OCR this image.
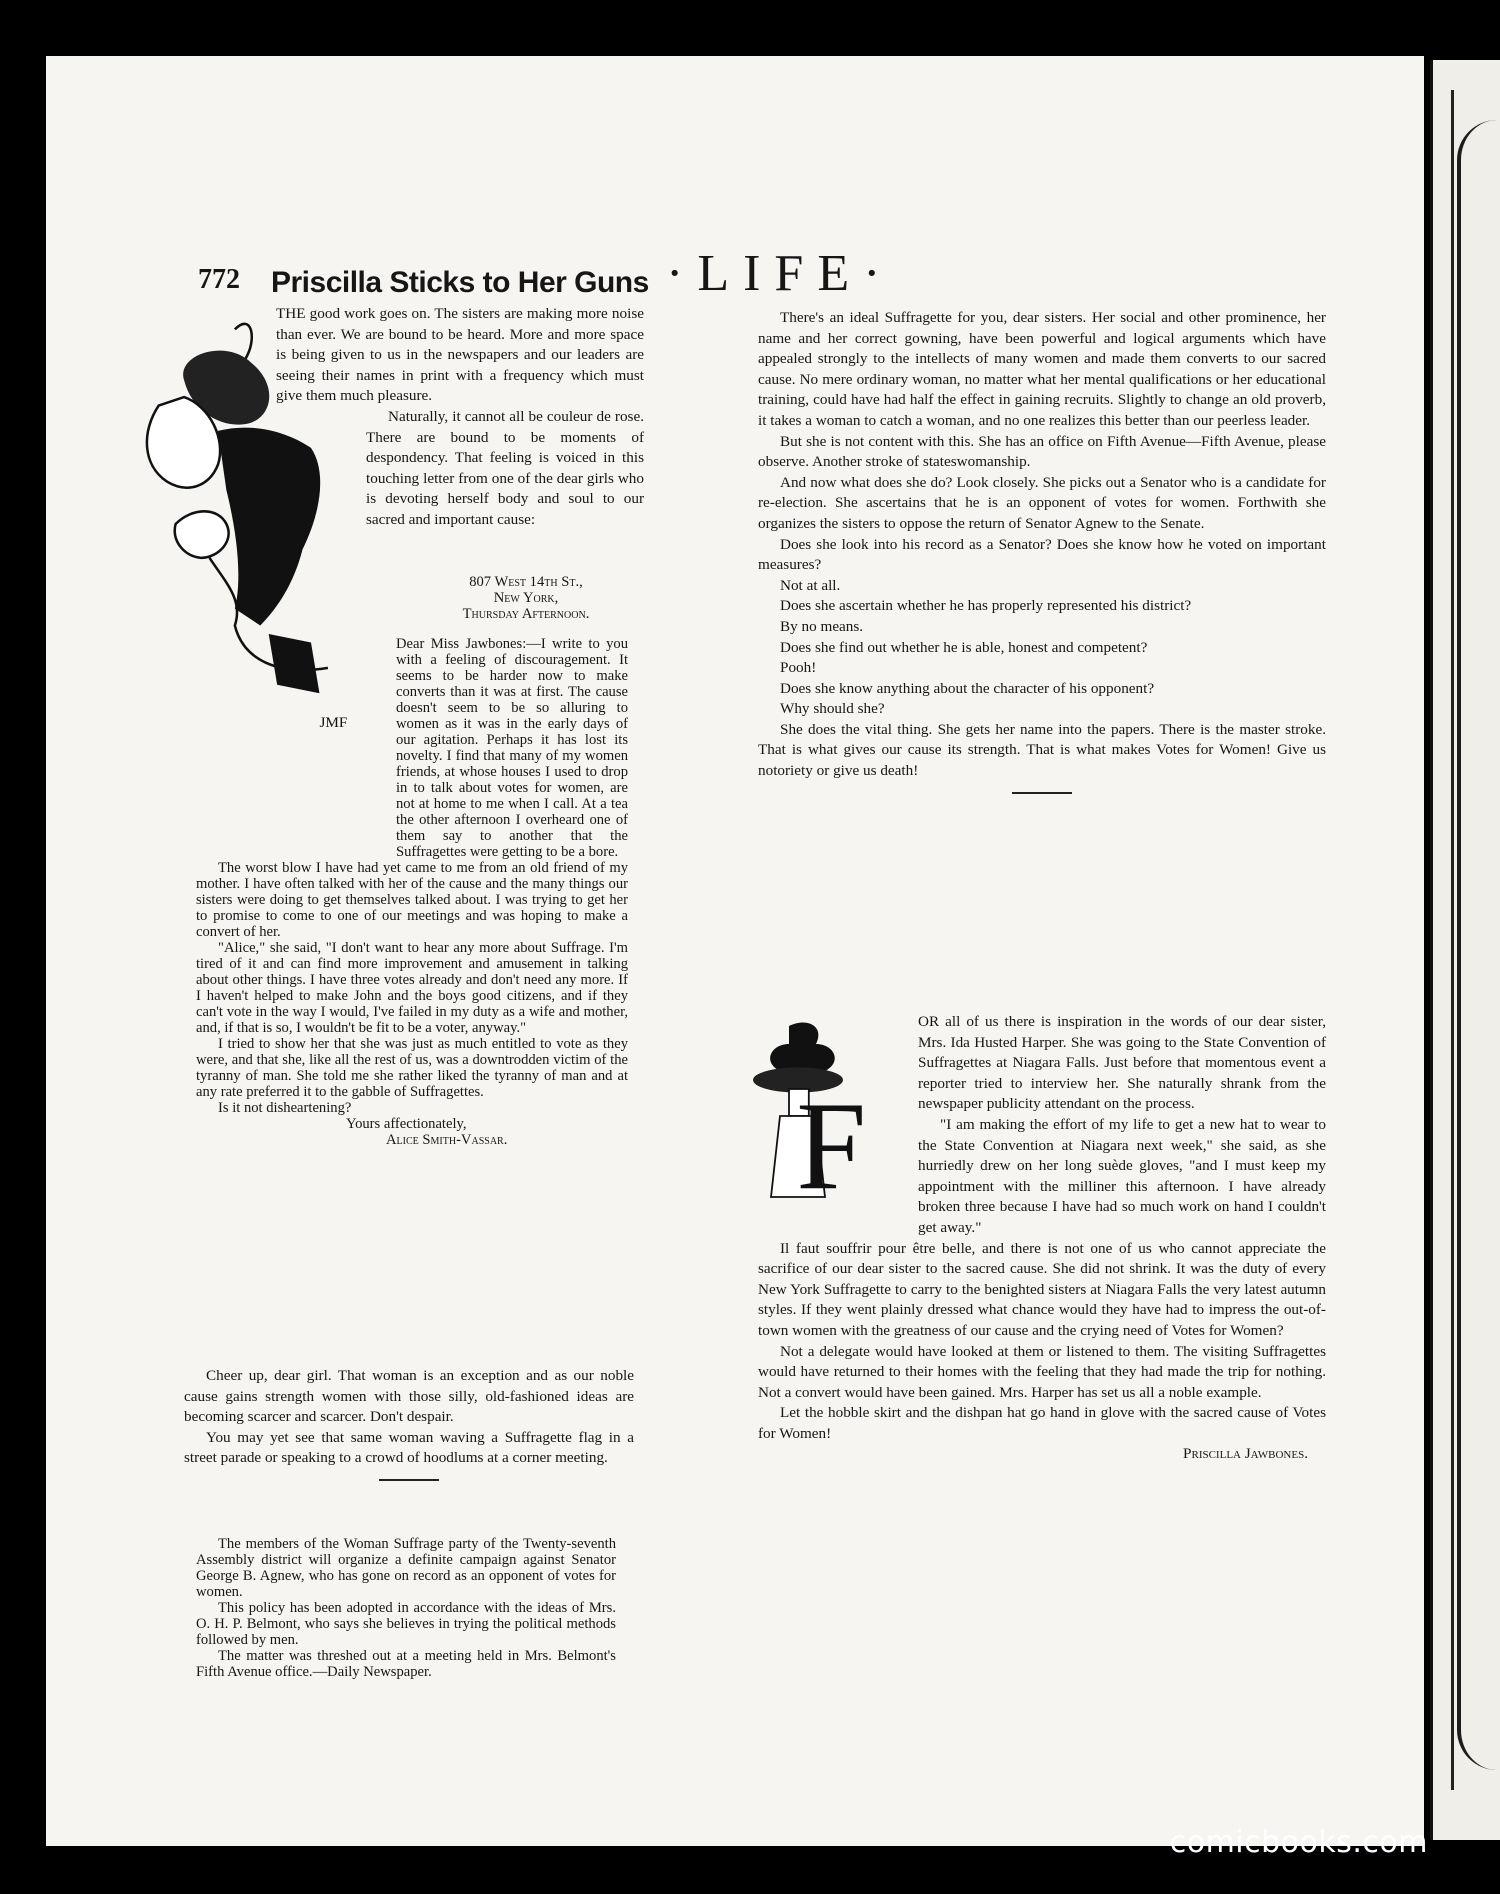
772	·LIFE·
Priscilla Sticks to Her Guns
JMF

THE good work goes on. The sisters are making more noise than ever. We are bound to be heard. More and more space is being given to us in the newspapers and our leaders are seeing their names in print with a frequency which must give them much pleasure.

Naturally, it cannot all be couleur de rose. There are bound to be moments of despondency. That feeling is voiced in this touching letter from one of the dear girls who is devoting herself body and soul to our sacred and important cause:

807 West 14th St.,
New York,
Thursday Afternoon.

Dear Miss Jawbones:—I write to you with a feeling of discouragement. It seems to be harder now to make converts than it was at first. The cause doesn't seem to be so alluring to women as it was in the early days of our agitation. Perhaps it has lost its novelty. I find that many of my women friends, at whose houses I used to drop in to talk about votes for women, are not at home to me when I call. At a tea the other afternoon I overheard one of them say to another that the Suffragettes were getting to be a bore.

The worst blow I have had yet came to me from an old friend of my mother. I have often talked with her of the cause and the many things our sisters were doing to get themselves talked about. I was trying to get her to promise to come to one of our meetings and was hoping to make a convert of her.

"Alice," she said, "I don't want to hear any more about Suffrage. I'm tired of it and can find more improvement and amusement in talking about other things. I have three votes already and don't need any more. If I haven't helped to make John and the boys good citizens, and if they can't vote in the way I would, I've failed in my duty as a wife and mother, and, if that is so, I wouldn't be fit to be a voter, anyway."

I tried to show her that she was just as much entitled to vote as they were, and that she, like all the rest of us, was a downtrodden victim of the tyranny of man. She told me she rather liked the tyranny of man and at any rate preferred it to the gabble of Suffragettes.

Is it not disheartening?

Yours affectionately,
Alice Smith-Vassar.

Cheer up, dear girl. That woman is an exception and as our noble cause gains strength women with those silly, old-fashioned ideas are becoming scarcer and scarcer. Don't despair.

You may yet see that same woman waving a Suffragette flag in a street parade or speaking to a crowd of hoodlums at a corner meeting.

The members of the Woman Suffrage party of the Twenty-seventh Assembly district will organize a definite campaign against Senator George B. Agnew, who has gone on record as an opponent of votes for women.

This policy has been adopted in accordance with the ideas of Mrs. O. H. P. Belmont, who says she believes in trying the political methods followed by men.

The matter was threshed out at a meeting held in Mrs. Belmont's Fifth Avenue office.—Daily Newspaper.

There's an ideal Suffragette for you, dear sisters. Her social and other prominence, her name and her correct gowning, have been powerful and logical arguments which have appealed strongly to the intellects of many women and made them converts to our sacred cause. No mere ordinary woman, no matter what her mental qualifications or her educational training, could have had half the effect in gaining recruits. Slightly to change an old proverb, it takes a woman to catch a woman, and no one realizes this better than our peerless leader.

But she is not content with this. She has an office on Fifth Avenue—Fifth Avenue, please observe. Another stroke of stateswomanship.

And now what does she do? Look closely. She picks out a Senator who is a candidate for re-election. She ascertains that he is an opponent of votes for women. Forthwith she organizes the sisters to oppose the return of Senator Agnew to the Senate.

Does she look into his record as a Senator? Does she know how he voted on important measures?

Not at all.

Does she ascertain whether he has properly represented his district?

By no means.

Does she find out whether he is able, honest and competent?

Pooh!

Does she know anything about the character of his opponent?

Why should she?

She does the vital thing. She gets her name into the papers. There is the master stroke. That is what gives our cause its strength. That is what makes Votes for Women! Give us notoriety or give us death!

F

OR all of us there is inspiration in the words of our dear sister, Mrs. Ida Husted Harper. She was going to the State Convention of Suffragettes at Niagara Falls. Just before that momentous event a reporter tried to interview her. She naturally shrank from the newspaper publicity attendant on the process.

"I am making the effort of my life to get a new hat to wear to the State Convention at Niagara next week," she said, as she hurriedly drew on her long suède gloves, "and I must keep my appointment with the milliner this afternoon. I have already broken three because I have had so much work on hand I couldn't get away."

Il faut souffrir pour être belle, and there is not one of us who cannot appreciate the sacrifice of our dear sister to the sacred cause. She did not shrink. It was the duty of every New York Suffragette to carry to the benighted sisters at Niagara Falls the very latest autumn styles. If they went plainly dressed what chance would they have had to impress the out-of-town women with the greatness of our cause and the crying need of Votes for Women?

Not a delegate would have looked at them or listened to them. The visiting Suffragettes would have returned to their homes with the feeling that they had made the trip for nothing. Not a convert would have been gained. Mrs. Harper has set us all a noble example.

Let the hobble skirt and the dishpan hat go hand in glove with the sacred cause of Votes for Women!

Priscilla Jawbones.
comicbooks.com
